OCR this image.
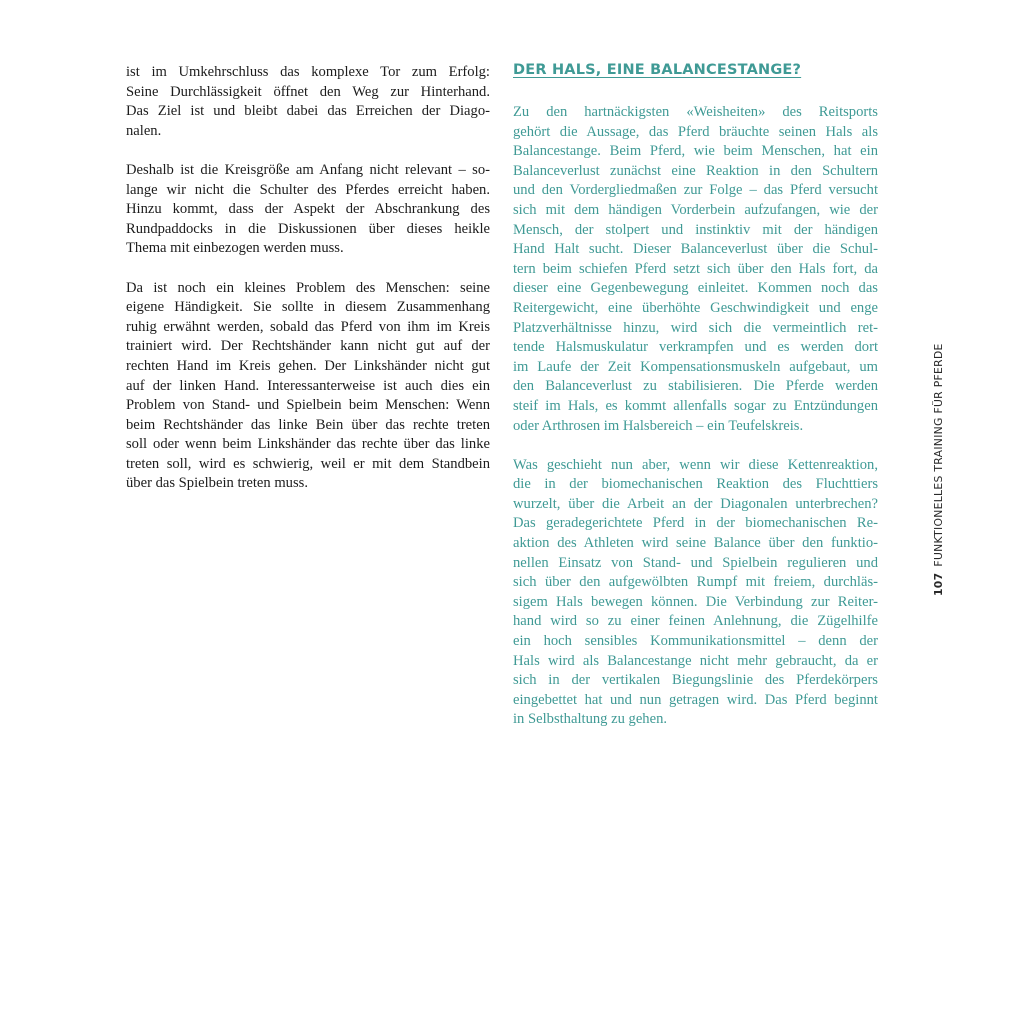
ist im Umkehrschluss das komplexe Tor zum Erfolg:
Seine Durchlässigkeit öffnet den Weg zur Hinterhand.
Das Ziel ist und bleibt dabei das Erreichen der Diago-
nalen.

Deshalb ist die Kreisgröße am Anfang nicht relevant – so-
lange wir nicht die Schulter des Pferdes erreicht haben.
Hinzu kommt, dass der Aspekt der Abschrankung des
Rundpaddocks in die Diskussionen über dieses heikle
Thema mit einbezogen werden muss.

Da ist noch ein kleines Problem des Menschen: seine
eigene Händigkeit. Sie sollte in diesem Zusammenhang
ruhig erwähnt werden, sobald das Pferd von ihm im Kreis
trainiert wird. Der Rechtshänder kann nicht gut auf der
rechten Hand im Kreis gehen. Der Linkshänder nicht gut
auf der linken Hand. Interessanterweise ist auch dies ein
Problem von Stand- und Spielbein beim Menschen: Wenn
beim Rechtshänder das linke Bein über das rechte treten
soll oder wenn beim Linkshänder das rechte über das linke
treten soll, wird es schwierig, weil er mit dem Standbein
über das Spielbein treten muss.

DER HALS, EINE BALANCESTANGE?

Zu den hartnäckigsten «Weisheiten» des Reitsports
gehört die Aussage, das Pferd bräuchte seinen Hals als
Balancestange. Beim Pferd, wie beim Menschen, hat ein
Balanceverlust zunächst eine Reaktion in den Schultern
und den Vordergliedmaßen zur Folge – das Pferd versucht
sich mit dem händigen Vorderbein aufzufangen, wie der
Mensch, der stolpert und instinktiv mit der händigen
Hand Halt sucht. Dieser Balanceverlust über die Schul-
tern beim schiefen Pferd setzt sich über den Hals fort, da
dieser eine Gegenbewegung einleitet. Kommen noch das
Reitergewicht, eine überhöhte Geschwindigkeit und enge
Platzverhältnisse hinzu, wird sich die vermeintlich ret-
tende Halsmuskulatur verkrampfen und es werden dort
im Laufe der Zeit Kompensationsmuskeln aufgebaut, um
den Balanceverlust zu stabilisieren. Die Pferde werden
steif im Hals, es kommt allenfalls sogar zu Entzündungen
oder Arthrosen im Halsbereich – ein Teufelskreis.

Was geschieht nun aber, wenn wir diese Kettenreaktion,
die in der biomechanischen Reaktion des Fluchttiers
wurzelt, über die Arbeit an der Diagonalen unterbrechen?
Das geradegerichtete Pferd in der biomechanischen Re-
aktion des Athleten wird seine Balance über den funktio-
nellen Einsatz von Stand- und Spielbein regulieren und
sich über den aufgewölbten Rumpf mit freiem, durchläs-
sigem Hals bewegen können. Die Verbindung zur Reiter-
hand wird so zu einer feinen Anlehnung, die Zügelhilfe
ein hoch sensibles Kommunikationsmittel – denn der
Hals wird als Balancestange nicht mehr gebraucht, da er
sich in der vertikalen Biegungslinie des Pferdekörpers
eingebettet hat und nun getragen wird. Das Pferd beginnt
in Selbsthaltung zu gehen.

107FUNKTIONELLES TRAINING FÜR PFERDE
